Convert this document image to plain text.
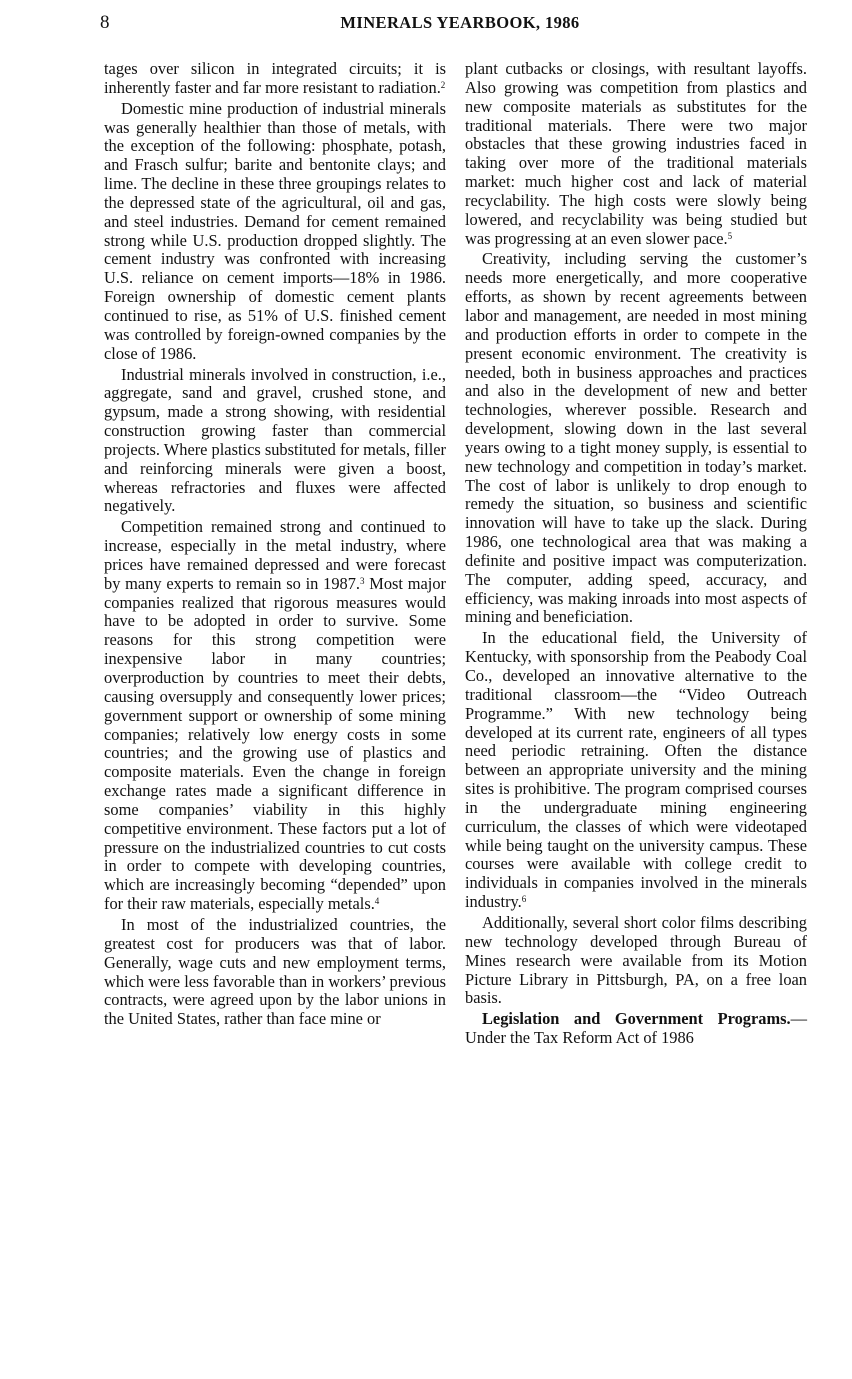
8	MINERALS YEARBOOK, 1986

tages over silicon in integrated circuits; it is inherently faster and far more resistant to radiation.$^2$

Domestic mine production of industrial minerals was generally healthier than those of metals, with the exception of the following: phosphate, potash, and Frasch sulfur; barite and bentonite clays; and lime. The decline in these three groupings relates to the depressed state of the agricultural, oil and gas, and steel industries. Demand for cement remained strong while U.S. production dropped slightly. The cement industry was confronted with increasing U.S. reliance on cement imports—18% in 1986. Foreign ownership of domestic cement plants continued to rise, as 51% of U.S. finished cement was controlled by foreign-owned companies by the close of 1986.

Industrial minerals involved in construction, i.e., aggregate, sand and gravel, crushed stone, and gypsum, made a strong showing, with residential construction growing faster than commercial projects. Where plastics substituted for metals, filler and reinforcing minerals were given a boost, whereas refractories and fluxes were affected negatively.

Competition remained strong and continued to increase, especially in the metal industry, where prices have remained depressed and were forecast by many experts to remain so in 1987.$^3$ Most major companies realized that rigorous measures would have to be adopted in order to survive. Some reasons for this strong competition were inexpensive labor in many countries; overproduction by countries to meet their debts, causing oversupply and consequently lower prices; government support or ownership of some mining companies; relatively low energy costs in some countries; and the growing use of plastics and composite materials. Even the change in foreign exchange rates made a significant difference in some companies’ viability in this highly competitive environment. These factors put a lot of pressure on the industrialized countries to cut costs in order to compete with developing countries, which are increasingly becoming “depended” upon for their raw materials, especially metals.$^4$

In most of the industrialized countries, the greatest cost for producers was that of labor. Generally, wage cuts and new employment terms, which were less favorable than in workers’ previous contracts, were agreed upon by the labor unions in the United States, rather than face mine or

plant cutbacks or closings, with resultant layoffs. Also growing was competition from plastics and new composite materials as substitutes for the traditional materials. There were two major obstacles that these growing industries faced in taking over more of the traditional materials market: much higher cost and lack of material recyclability. The high costs were slowly being lowered, and recyclability was being studied but was progressing at an even slower pace.$^5$

Creativity, including serving the customer’s needs more energetically, and more cooperative efforts, as shown by recent agreements between labor and management, are needed in most mining and production efforts in order to compete in the present economic environment. The creativity is needed, both in business approaches and practices and also in the development of new and better technologies, wherever possible. Research and development, slowing down in the last several years owing to a tight money supply, is essential to new technology and competition in today’s market. The cost of labor is unlikely to drop enough to remedy the situation, so business and scientific innovation will have to take up the slack. During 1986, one technological area that was making a definite and positive impact was computerization. The computer, adding speed, accuracy, and efficiency, was making inroads into most aspects of mining and beneficiation.

In the educational field, the University of Kentucky, with sponsorship from the Peabody Coal Co., developed an innovative alternative to the traditional classroom—the “Video Outreach Programme.” With new technology being developed at its current rate, engineers of all types need periodic retraining. Often the distance between an appropriate university and the mining sites is prohibitive. The program comprised courses in the undergraduate mining engineering curriculum, the classes of which were videotaped while being taught on the university campus. These courses were available with college credit to individuals in companies involved in the minerals industry.$^6$

Additionally, several short color films describing new technology developed through Bureau of Mines research were available from its Motion Picture Library in Pittsburgh, PA, on a free loan basis.

Legislation and Government Programs.—Under the Tax Reform Act of 1986
